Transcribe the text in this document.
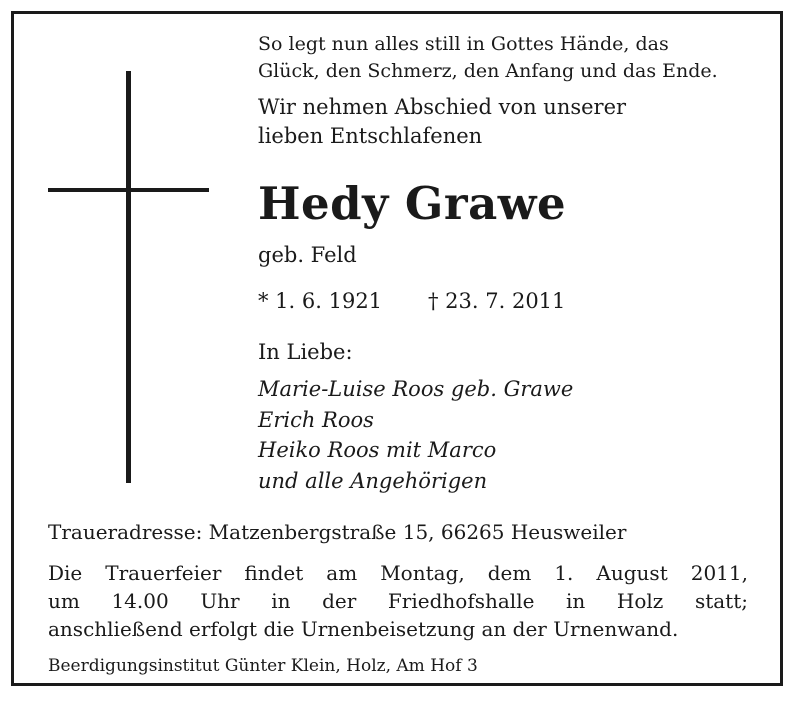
So legt nun alles still in Gottes Hände, das
Glück, den Schmerz, den Anfang und das Ende.
Wir nehmen Abschied von unserer
lieben Entschlafenen
Hedy Grawe
geb. Feld
* 1. 6. 1921 † 23. 7. 2011
In Liebe:
Marie-Luise Roos geb. Grawe
Erich Roos
Heiko Roos mit Marco
und alle Angehörigen
Traueradresse: Matzenbergstraße 15, 66265 Heusweiler
Die Trauerfeier findet am Montag, dem 1. August 2011,
um 14.00 Uhr in der Friedhofshalle in Holz statt;
anschließend erfolgt die Urnenbeisetzung an der Urnenwand.
Beerdigungsinstitut Günter Klein, Holz, Am Hof 3
